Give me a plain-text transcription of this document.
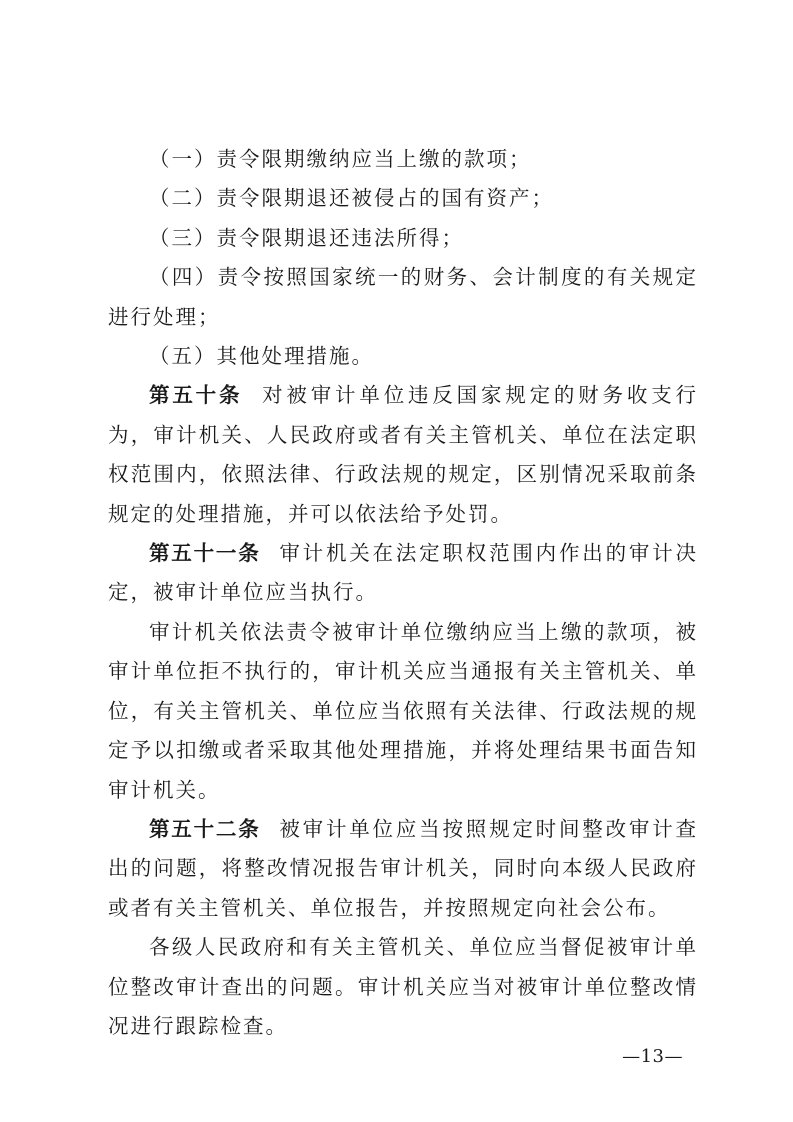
（一）责令限期缴纳应当上缴的款项；

（二）责令限期退还被侵占的国有资产；

（三）责令限期退还违法所得；

（四）责令按照国家统一的财务、会计制度的有关规定进行处理；

（五）其他处理措施。

第五十条 对被审计单位违反国家规定的财务收支行为，审计机关、人民政府或者有关主管机关、单位在法定职权范围内，依照法律、行政法规的规定，区别情况采取前条规定的处理措施，并可以依法给予处罚。

第五十一条 审计机关在法定职权范围内作出的审计决定，被审计单位应当执行。

审计机关依法责令被审计单位缴纳应当上缴的款项，被审计单位拒不执行的，审计机关应当通报有关主管机关、单位，有关主管机关、单位应当依照有关法律、行政法规的规定予以扣缴或者采取其他处理措施，并将处理结果书面告知审计机关。

第五十二条 被审计单位应当按照规定时间整改审计查出的问题，将整改情况报告审计机关，同时向本级人民政府或者有关主管机关、单位报告，并按照规定向社会公布。

各级人民政府和有关主管机关、单位应当督促被审计单位整改审计查出的问题。审计机关应当对被审计单位整改情况进行跟踪检查。

—13—
